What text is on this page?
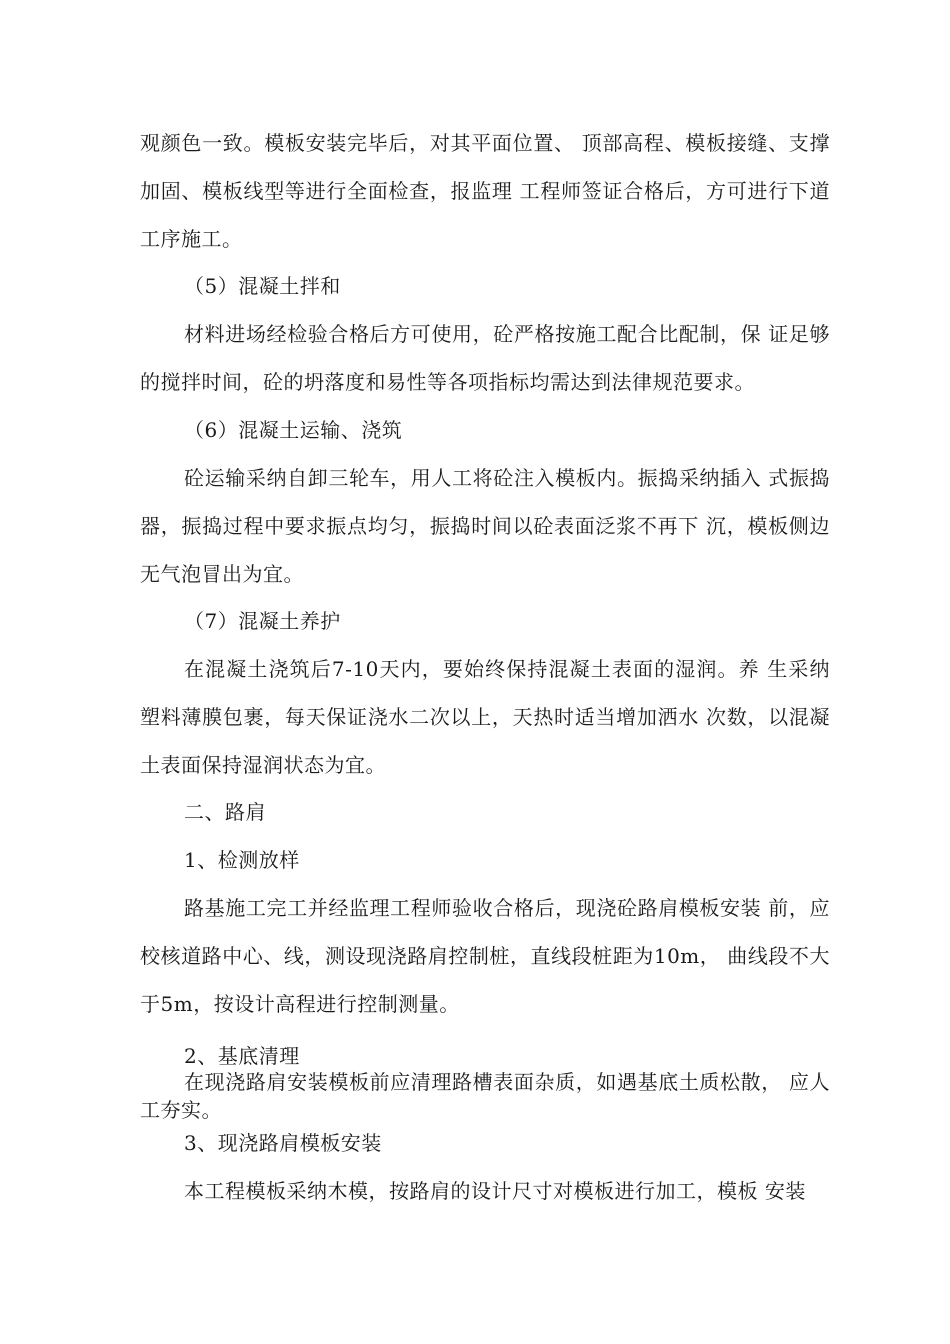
观颜色一致。模板安装完毕后，对其平面位置、 顶部高程、模板接缝、支撑加固、模板线型等进行全面检查，报监理 工程师签证合格后，方可进行下道工序施工。

（5）混凝土拌和

材料进场经检验合格后方可使用，砼严格按施工配合比配制，保 证足够的搅拌时间，砼的坍落度和易性等各项指标均需达到法律规范要求。

（6）混凝土运输、浇筑

砼运输采纳自卸三轮车，用人工将砼注入模板内。振捣采纳插入 式振捣器，振捣过程中要求振点均匀，振捣时间以砼表面泛浆不再下 沉，模板侧边无气泡冒出为宜。

（7）混凝土养护

在混凝土浇筑后7-10天内，要始终保持混凝土表面的湿润。养 生采纳塑料薄膜包裹，每天保证浇水二次以上，天热时适当增加洒水 次数，以混凝土表面保持湿润状态为宜。

二、路肩

1、检测放样

路基施工完工并经监理工程师验收合格后，现浇砼路肩模板安装 前，应校核道路中心、线，测设现浇路肩控制桩，直线段桩距为10m， 曲线段不大于5m，按设计高程进行控制测量。

2、基底清理

在现浇路肩安装模板前应清理路槽表面杂质，如遇基底土质松散， 应人工夯实。

3、现浇路肩模板安装

本工程模板采纳木模，按路肩的设计尺寸对模板进行加工，模板 安装
